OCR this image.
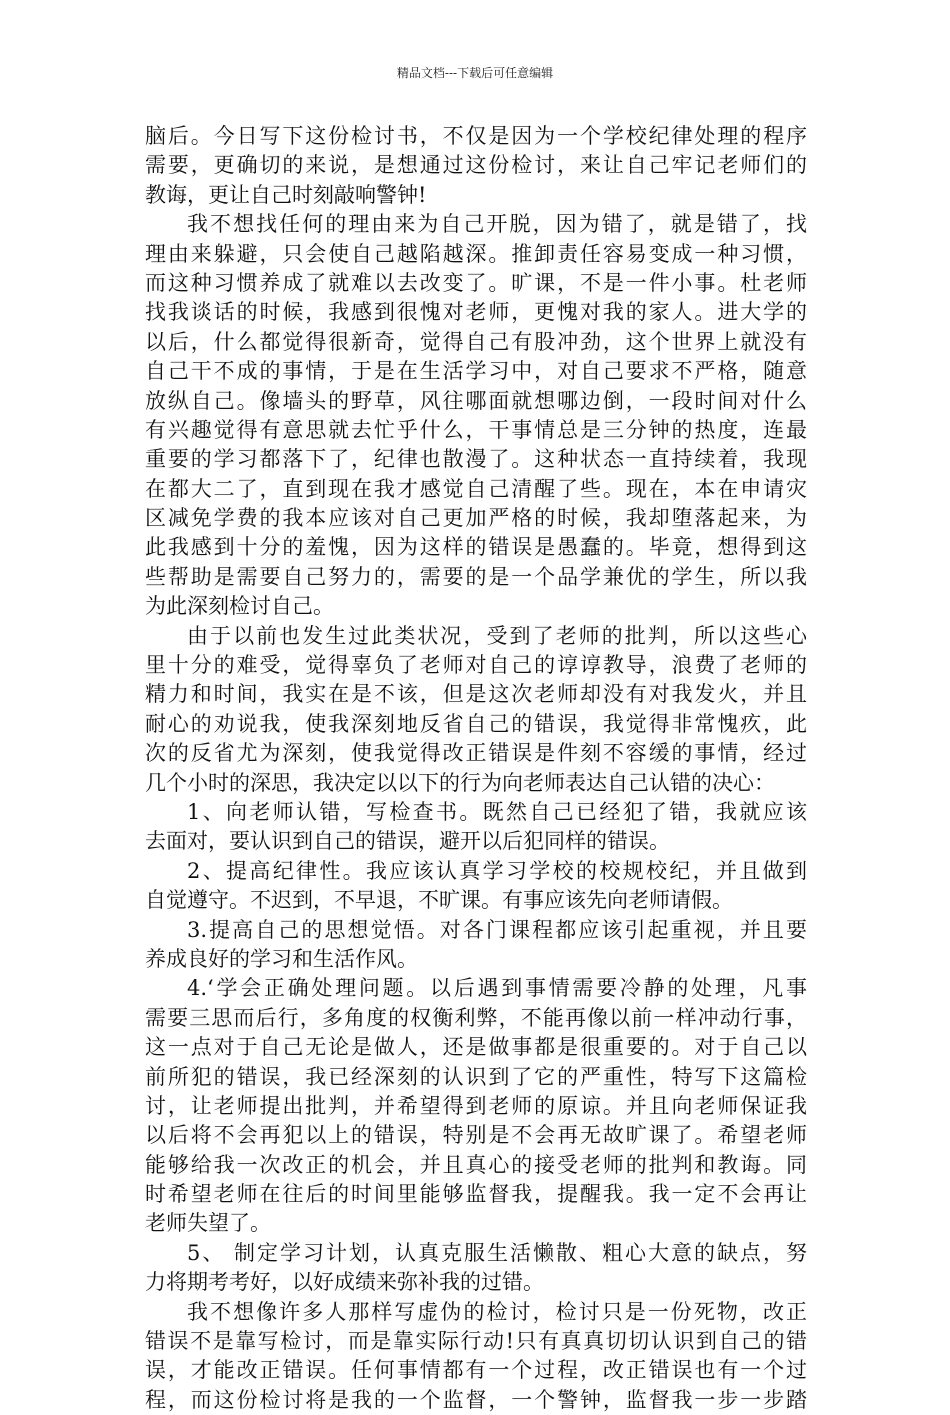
精品文档---下载后可任意编辑
脑后。今日写下这份检讨书，不仅是因为一个学校纪律处理的程序
需要，更确切的来说，是想通过这份检讨，来让自己牢记老师们的
教诲，更让自己时刻敲响警钟!
我不想找任何的理由来为自己开脱，因为错了，就是错了，找
理由来躲避，只会使自己越陷越深。推卸责任容易变成一种习惯，
而这种习惯养成了就难以去改变了。旷课，不是一件小事。杜老师
找我谈话的时候，我感到很愧对老师，更愧对我的家人。进大学的
以后，什么都觉得很新奇，觉得自己有股冲劲，这个世界上就没有
自己干不成的事情，于是在生活学习中，对自己要求不严格，随意
放纵自己。像墙头的野草，风往哪面就想哪边倒，一段时间对什么
有兴趣觉得有意思就去忙乎什么，干事情总是三分钟的热度，连最
重要的学习都落下了，纪律也散漫了。这种状态一直持续着，我现
在都大二了，直到现在我才感觉自己清醒了些。现在，本在申请灾
区减免学费的我本应该对自己更加严格的时候，我却堕落起来，为
此我感到十分的羞愧，因为这样的错误是愚蠢的。毕竟，想得到这
些帮助是需要自己努力的，需要的是一个品学兼优的学生，所以我
为此深刻检讨自己。
由于以前也发生过此类状况，受到了老师的批判，所以这些心
里十分的难受，觉得辜负了老师对自己的谆谆教导，浪费了老师的
精力和时间，我实在是不该，但是这次老师却没有对我发火，并且
耐心的劝说我，使我深刻地反省自己的错误，我觉得非常愧疚，此
次的反省尤为深刻，使我觉得改正错误是件刻不容缓的事情，经过
几个小时的深思，我决定以以下的行为向老师表达自己认错的决心：
1、向老师认错，写检查书。既然自己已经犯了错，我就应该
去面对，要认识到自己的错误，避开以后犯同样的错误。
2、提高纪律性。我应该认真学习学校的校规校纪，并且做到
自觉遵守。不迟到，不早退，不旷课。有事应该先向老师请假。
3.提高自己的思想觉悟。对各门课程都应该引起重视，并且要
养成良好的学习和生活作风。
4.‘学会正确处理问题。以后遇到事情需要冷静的处理，凡事
需要三思而后行，多角度的权衡利弊，不能再像以前一样冲动行事，
这一点对于自己无论是做人，还是做事都是很重要的。对于自己以
前所犯的错误，我已经深刻的认识到了它的严重性，特写下这篇检
讨，让老师提出批判，并希望得到老师的原谅。并且向老师保证我
以后将不会再犯以上的错误，特别是不会再无故旷课了。希望老师
能够给我一次改正的机会，并且真心的接受老师的批判和教诲。同
时希望老师在往后的时间里能够监督我，提醒我。我一定不会再让
老师失望了。
5、 制定学习计划，认真克服生活懒散、粗心大意的缺点，努
力将期考考好，以好成绩来弥补我的过错。
我不想像许多人那样写虚伪的检讨，检讨只是一份死物，改正
错误不是靠写检讨，而是靠实际行动!只有真真切切认识到自己的错
误，才能改正错误。任何事情都有一个过程，改正错误也有一个过
程，而这份检讨将是我的一个监督，一个警钟，监督我一步一步踏
